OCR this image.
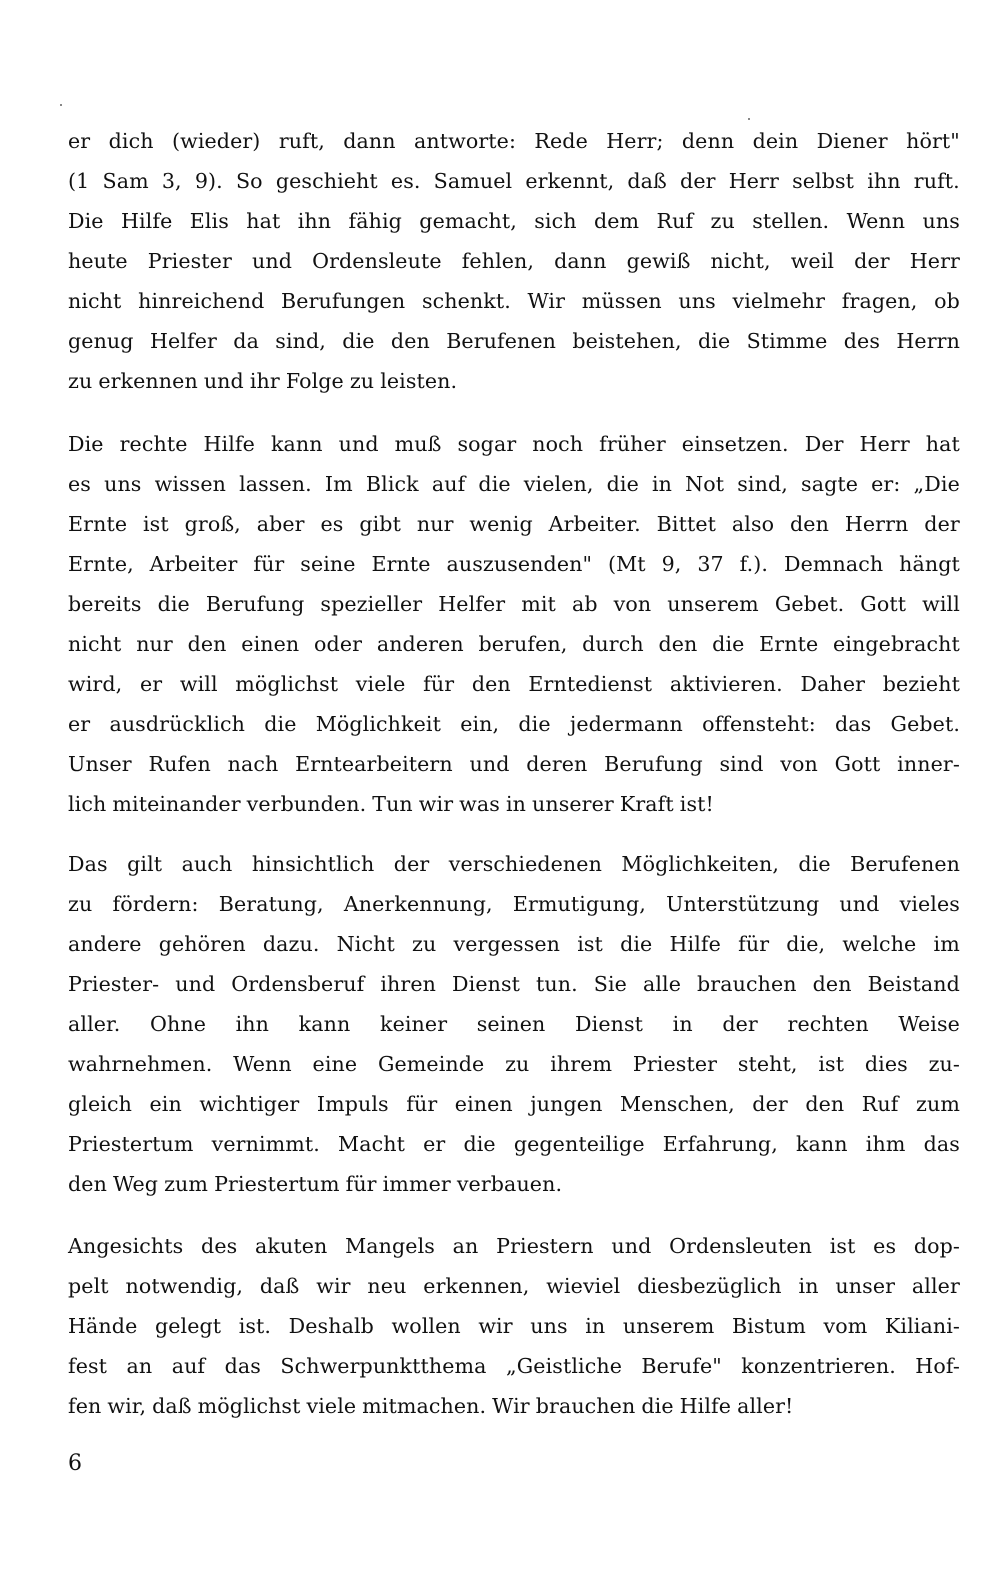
er dich (wieder) ruft, dann antworte: Rede Herr; denn dein Diener hört"
(1 Sam 3, 9). So geschieht es. Samuel erkennt, daß der Herr selbst ihn ruft.
Die Hilfe Elis hat ihn fähig gemacht, sich dem Ruf zu stellen. Wenn uns
heute Priester und Ordensleute fehlen, dann gewiß nicht, weil der Herr
nicht hinreichend Berufungen schenkt. Wir müssen uns vielmehr fragen, ob
genug Helfer da sind, die den Berufenen beistehen, die Stimme des Herrn
zu erkennen und ihr Folge zu leisten.
Die rechte Hilfe kann und muß sogar noch früher einsetzen. Der Herr hat
es uns wissen lassen. Im Blick auf die vielen, die in Not sind, sagte er: „Die
Ernte ist groß, aber es gibt nur wenig Arbeiter. Bittet also den Herrn der
Ernte, Arbeiter für seine Ernte auszusenden" (Mt 9, 37 f.). Demnach hängt
bereits die Berufung spezieller Helfer mit ab von unserem Gebet. Gott will
nicht nur den einen oder anderen berufen, durch den die Ernte eingebracht
wird, er will möglichst viele für den Erntedienst aktivieren. Daher bezieht
er ausdrücklich die Möglichkeit ein, die jedermann offensteht: das Gebet.
Unser Rufen nach Erntearbeitern und deren Berufung sind von Gott inner-
lich miteinander verbunden. Tun wir was in unserer Kraft ist!
Das gilt auch hinsichtlich der verschiedenen Möglichkeiten, die Berufenen
zu fördern: Beratung, Anerkennung, Ermutigung, Unterstützung und vieles
andere gehören dazu. Nicht zu vergessen ist die Hilfe für die, welche im
Priester- und Ordensberuf ihren Dienst tun. Sie alle brauchen den Beistand
aller. Ohne ihn kann keiner seinen Dienst in der rechten Weise
wahrnehmen. Wenn eine Gemeinde zu ihrem Priester steht, ist dies zu-
gleich ein wichtiger Impuls für einen jungen Menschen, der den Ruf zum
Priestertum vernimmt. Macht er die gegenteilige Erfahrung, kann ihm das
den Weg zum Priestertum für immer verbauen.
Angesichts des akuten Mangels an Priestern und Ordensleuten ist es dop-
pelt notwendig, daß wir neu erkennen, wieviel diesbezüglich in unser aller
Hände gelegt ist. Deshalb wollen wir uns in unserem Bistum vom Kiliani-
fest an auf das Schwerpunktthema „Geistliche Berufe" konzentrieren. Hof-
fen wir, daß möglichst viele mitmachen. Wir brauchen die Hilfe aller!
6
